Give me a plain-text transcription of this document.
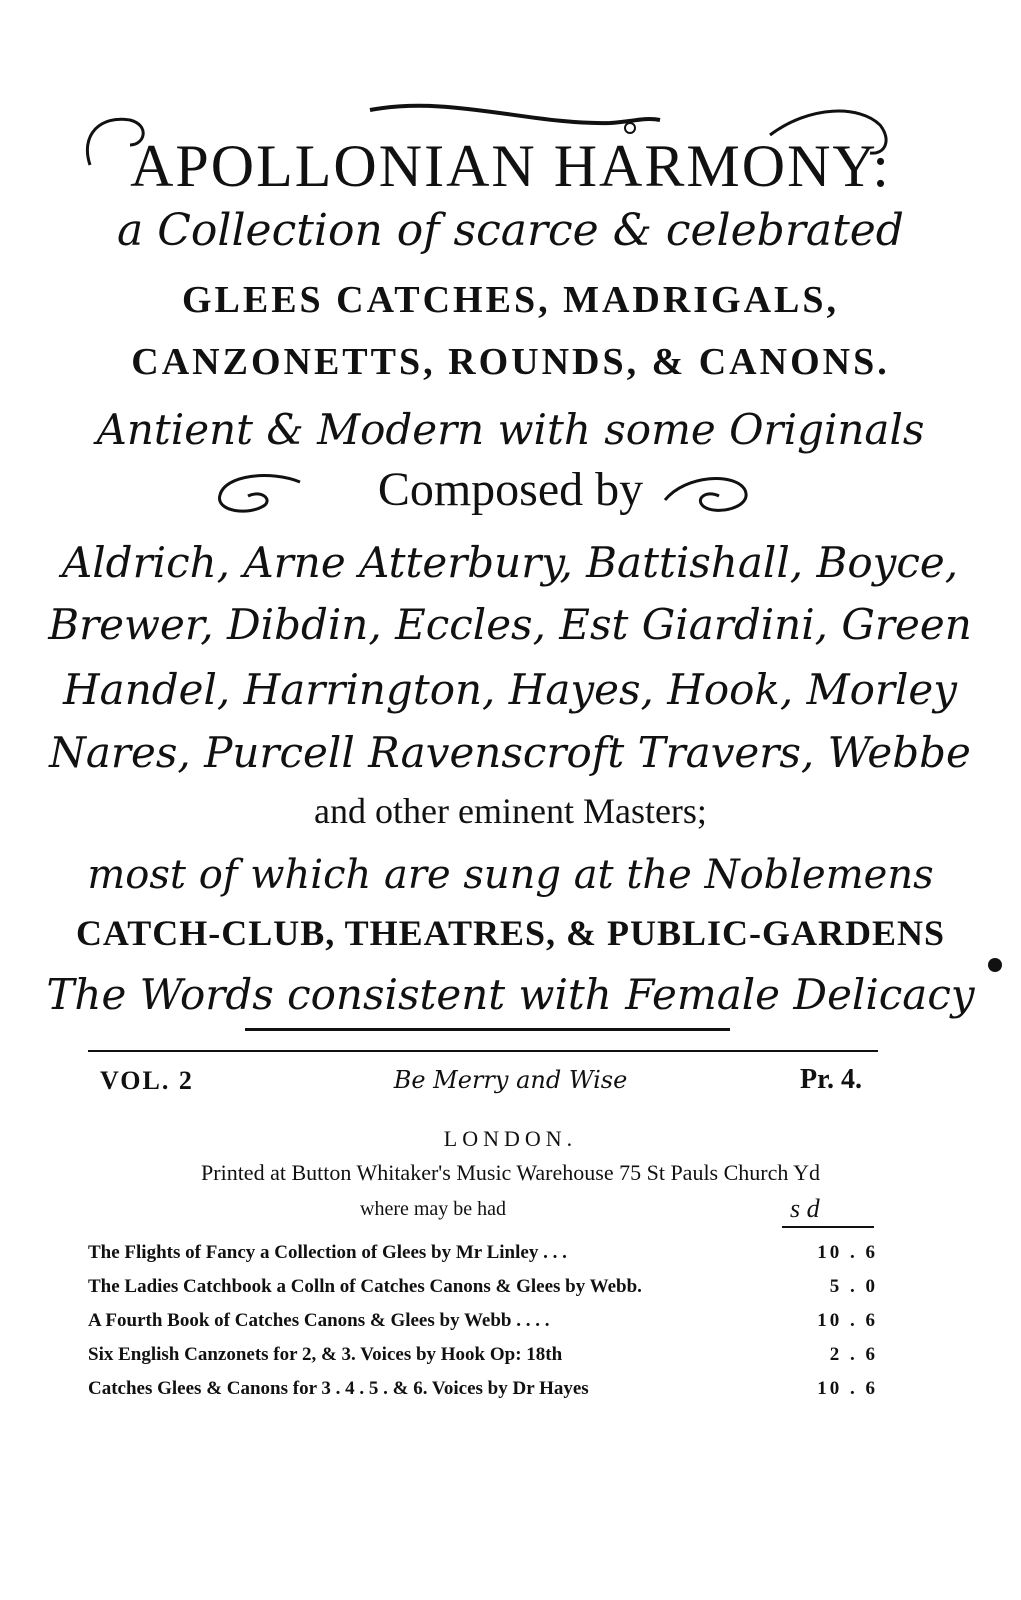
APOLLONIAN HARMONY:
a Collection of scarce & celebrated
GLEES CATCHES, MADRIGALS,
CANZONETTS, ROUNDS, & CANONS.
Antient & Modern with some Originals
Composed by
Aldrich, Arne Atterbury, Battishall, Boyce,
Brewer, Dibdin, Eccles, Est Giardini, Green
Handel, Harrington, Hayes, Hook, Morley
Nares, Purcell Ravenscroft Travers, Webbe
and other eminent Masters;
most of which are sung at the Noblemens
CATCH-CLUB, THEATRES, & PUBLIC-GARDENS
The Words consistent with Female Delicacy
VOL. 2	Be Merry and Wise	Pr. 4.
LONDON.
Printed at Button Whitaker's Music Warehouse 75 St Pauls Church Yd
where may be had	s d
The Flights of Fancy a Collection of Glees by Mr Linley . . .	10 . 6
The Ladies Catchbook a Colln of Catches Canons & Glees by Webb.	5 . 0
A Fourth Book of Catches Canons & Glees by Webb . . . .	10 . 6
Six English Canzonets for 2, & 3. Voices by Hook Op: 18th	2 . 6
Catches Glees & Canons for 3 . 4 . 5 . & 6. Voices by Dr Hayes	10 . 6
